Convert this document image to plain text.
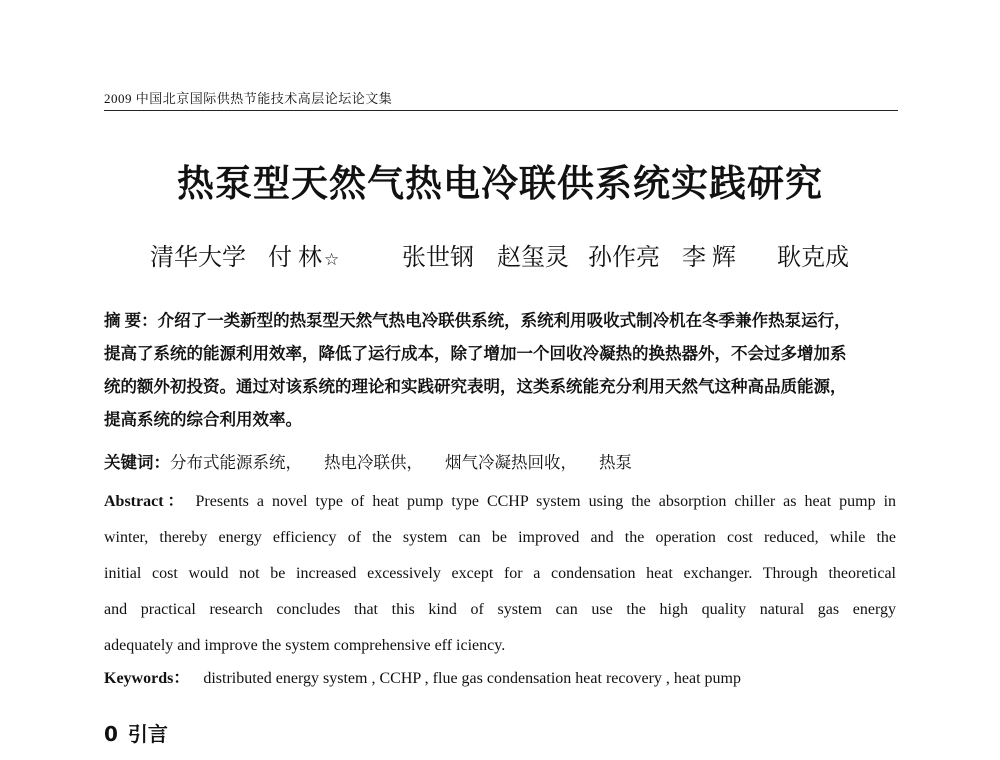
2009 中国北京国际供热节能技术高层论坛论文集
热泵型天然气热电冷联供系统实践研究
清华大学 付 林 ☆	张世钢 赵玺灵 孙作亮 李 辉 耿克成
摘 要：介绍了一类新型的热泵型天然气热电冷联供系统，系统利用吸收式制冷机在冬季兼作热泵运行，
提高了系统的能源利用效率，降低了运行成本，除了增加一个回收冷凝热的换热器外，不会过多增加系
统的额外初投资。通过对该系统的理论和实践研究表明，这类系统能充分利用天然气这种高品质能源，
提高系统的综合利用效率。
关键词：分布式能源系统， 热电冷联供， 烟气冷凝热回收， 热泵
Abstract： Presents a novel type of heat pump type CCHP system using the absorption chiller as heat pump in
winter, thereby energy efficiency of the system can be improved and the operation cost reduced, while the
initial cost would not be increased excessively except for a condensation heat exchanger. Through theoretical
and practical research concludes that this kind of system can use the high quality natural gas energy
adequately and improve the system comprehensive eff iciency.
Keywords： distributed energy system , CCHP , flue gas condensation heat recovery , heat pump
0 引言
